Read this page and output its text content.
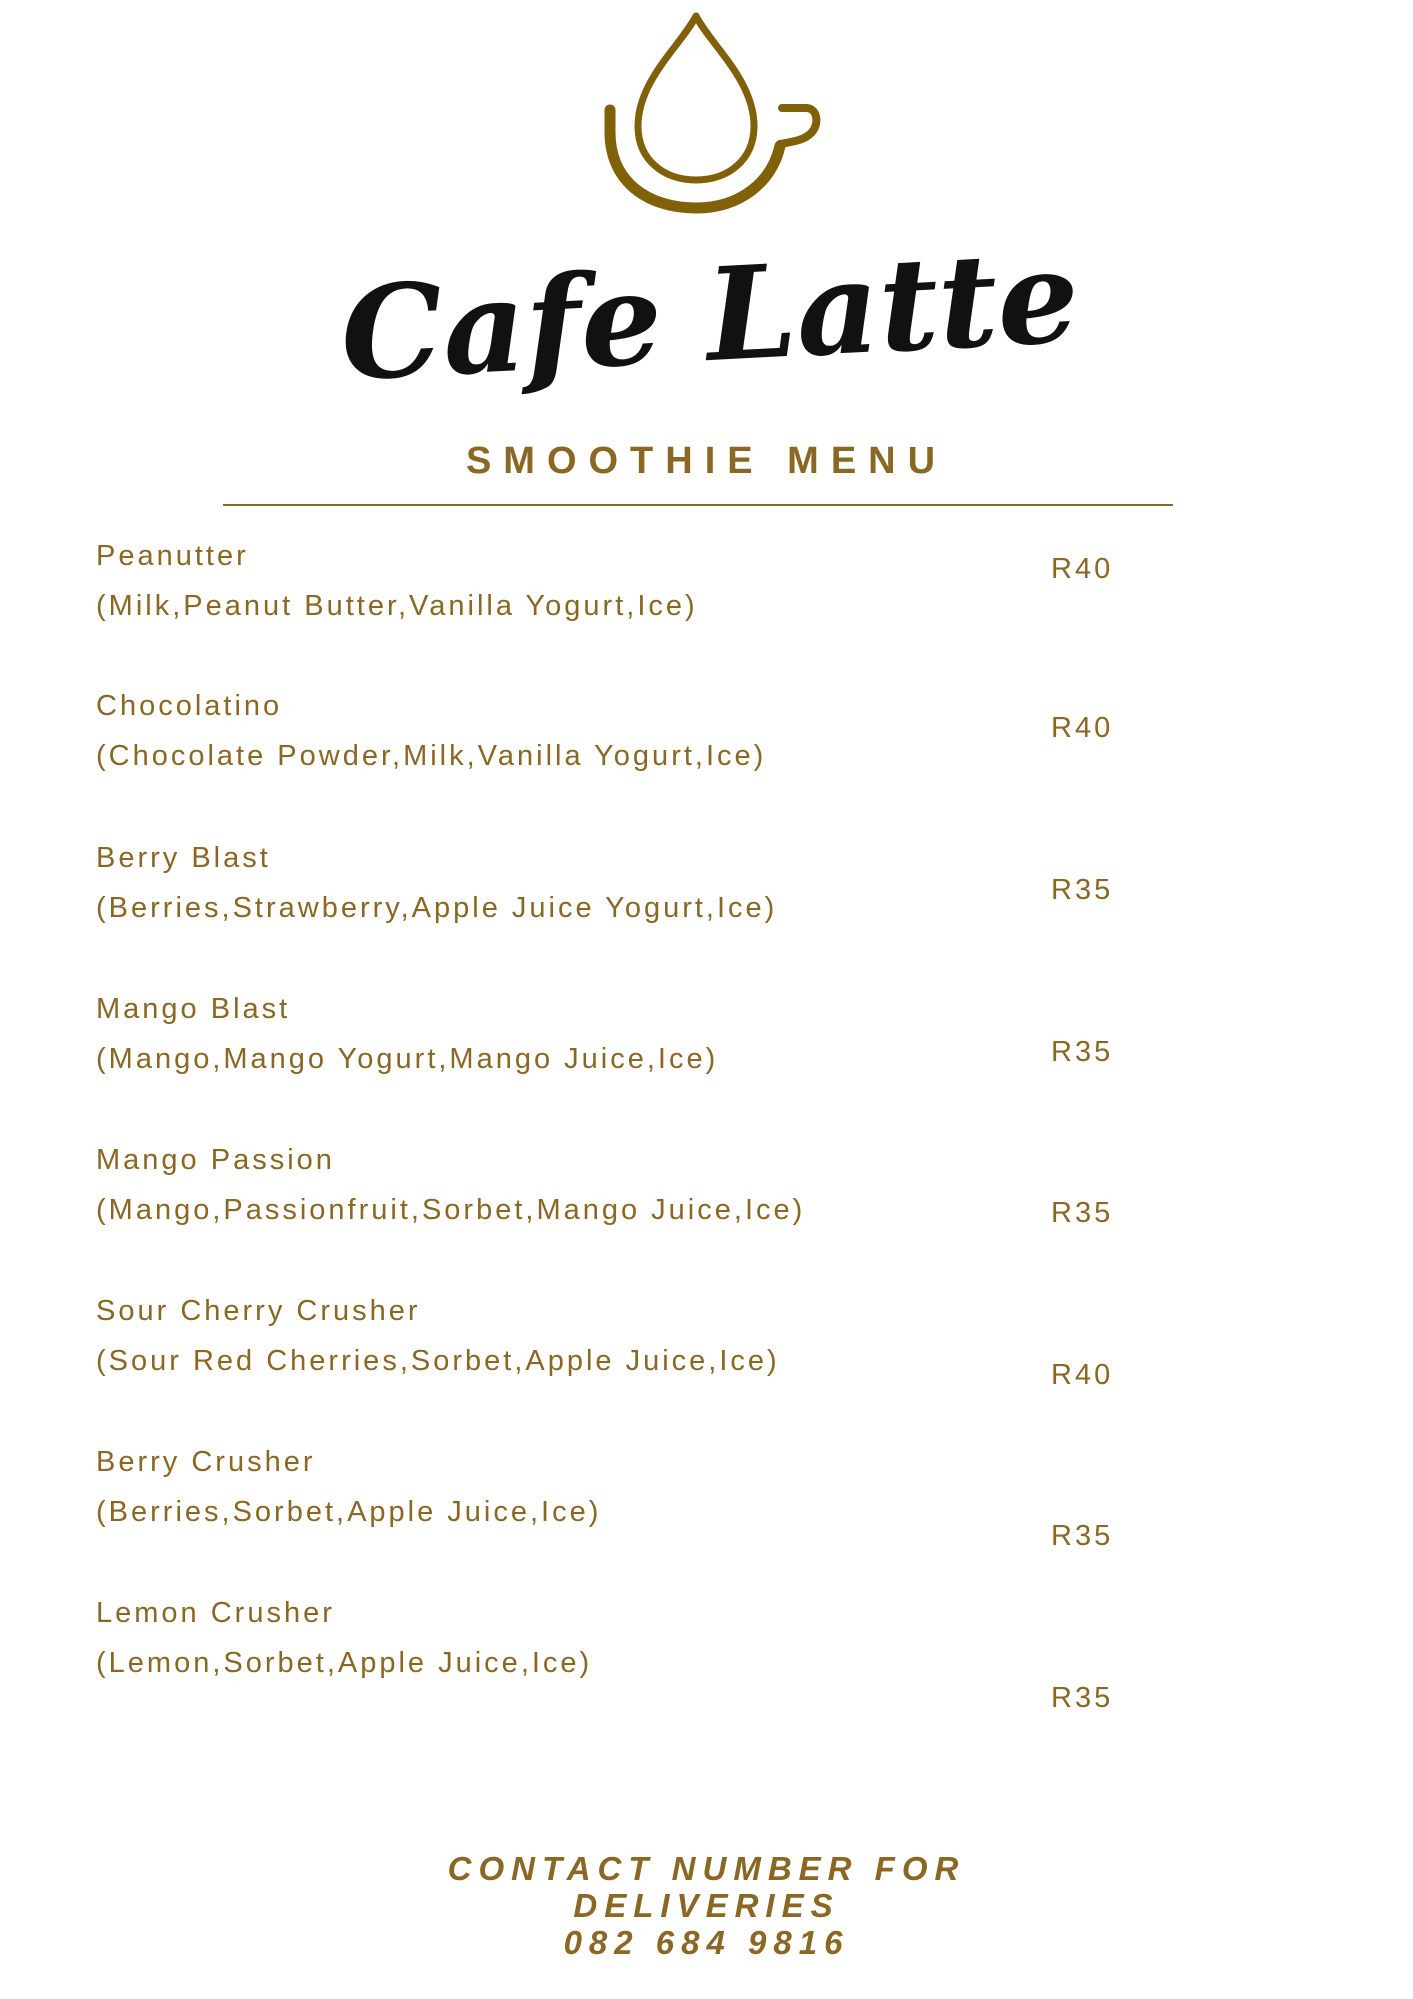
Cafe Latte
SMOOTHIE MENU
Peanutter
(Milk,Peanut Butter,Vanilla Yogurt,Ice)
R40
Chocolatino
(Chocolate Powder,Milk,Vanilla Yogurt,Ice)
R40
Berry Blast
(Berries,Strawberry,Apple Juice Yogurt,Ice)
R35
Mango Blast
(Mango,Mango Yogurt,Mango Juice,Ice)	R35
Mango Passion
(Mango,Passionfruit,Sorbet,Mango Juice,Ice)	R35
Sour Cherry Crusher
(Sour Red Cherries,Sorbet,Apple Juice,Ice)	R40
Berry Crusher
(Berries,Sorbet,Apple Juice,Ice)
R35
Lemon Crusher
(Lemon,Sorbet,Apple Juice,Ice)
R35
CONTACT NUMBER FOR
DELIVERIES
082 684 9816
